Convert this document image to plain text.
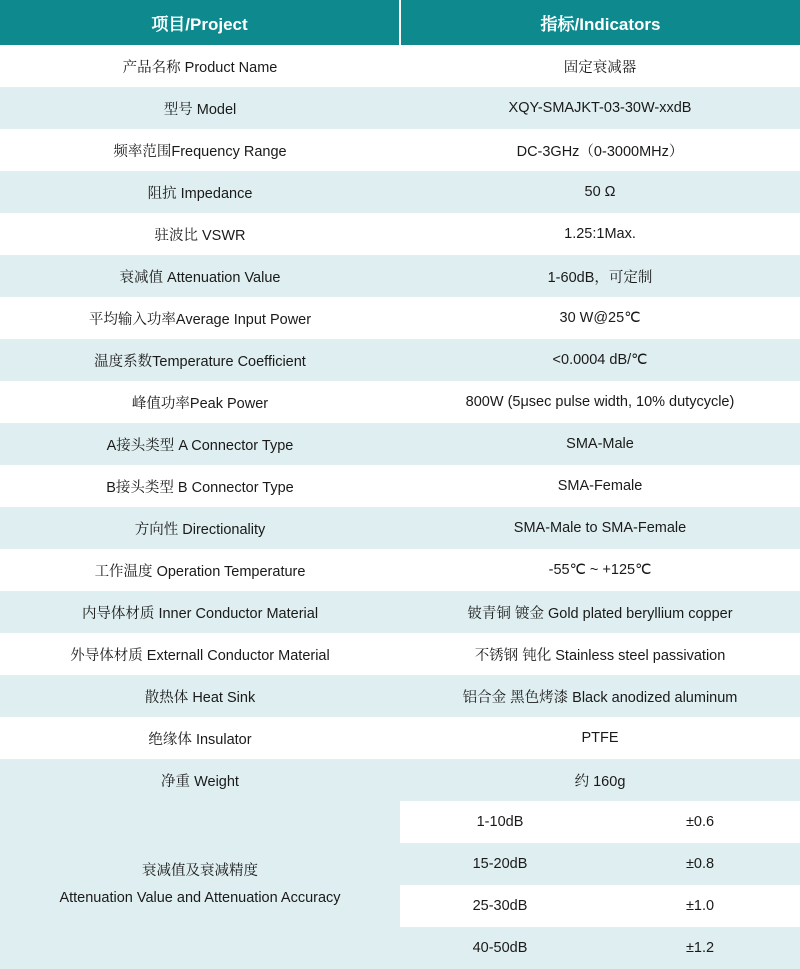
项目/Project	指标/Indicators
产品名称 Product Name	固定衰减器
型号 Model	XQY-SMAJKT-03-30W-xxdB
频率范围Frequency Range	DC-3GHz（0-3000MHz）
阻抗 Impedance	50 Ω
驻波比 VSWR	1.25:1Max.
衰减值 Attenuation Value	1-60dB，可定制
平均输入功率Average Input Power	30 W@25℃
温度系数Temperature Coefficient	<0.0004 dB/℃
峰值功率Peak Power	800W (5μsec pulse width, 10% dutycycle)
A接头类型 A Connector Type	SMA-Male
B接头类型 B Connector Type	SMA-Female
方向性 Directionality	SMA-Male to SMA-Female
工作温度 Operation Temperature	-55℃ ~ +125℃
内导体材质 Inner Conductor Material	铍青铜 镀金 Gold plated beryllium copper
外导体材质 Externall Conductor Material	不锈钢 钝化 Stainless steel passivation
散热体 Heat Sink	铝合金 黑色烤漆 Black anodized aluminum
绝缘体 Insulator	PTFE
净重 Weight	约 160g

衰减值及衰减精度
Attenuation Value and Attenuation Accuracy

1-10dB	±0.6
15-20dB	±0.8
25-30dB	±1.0
40-50dB	±1.2
